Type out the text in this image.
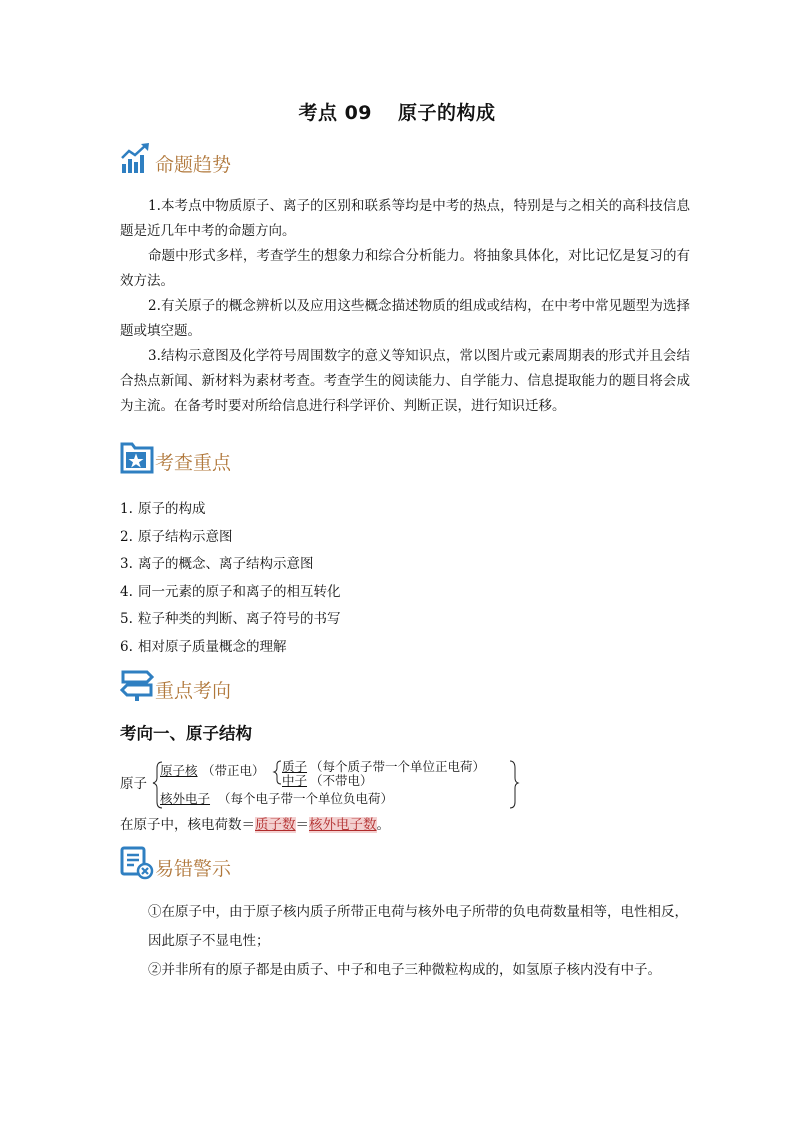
考点 09 原子的构成
命题趋势

1.本考点中物质原子、离子的区别和联系等均是中考的热点，特别是与之相关的高科技信息题是近几年中考的命题方向。

命题中形式多样，考查学生的想象力和综合分析能力。将抽象具体化，对比记忆是复习的有效方法。

2.有关原子的概念辨析以及应用这些概念描述物质的组成或结构，在中考中常见题型为选择题或填空题。

3.结构示意图及化学符号周围数字的意义等知识点，常以图片或元素周期表的形式并且会结合热点新闻、新材料为素材考查。考查学生的阅读能力、自学能力、信息提取能力的题目将会成为主流。在备考时要对所给信息进行科学评价、判断正误，进行知识迁移。

考查重点
1. 原子的构成
2. 原子结构示意图
3. 离子的概念、离子结构示意图
4. 同一元素的原子和离子的相互转化
5. 粒子种类的判断、离子符号的书写
6. 相对原子质量概念的理解
重点考向
考向一、原子结构
原子
原子核 （带正电） 质子 （每个质子带一个单位正电荷）
中子 （不带电）
核外电子 （每个电子带一个单位负电荷）
在原子中，核电荷数＝质子数＝核外电子数。
易错警示

①在原子中，由于原子核内质子所带正电荷与核外电子所带的负电荷数量相等，电性相反，因此原子不显电性；

②并非所有的原子都是由质子、中子和电子三种微粒构成的，如氢原子核内没有中子。
